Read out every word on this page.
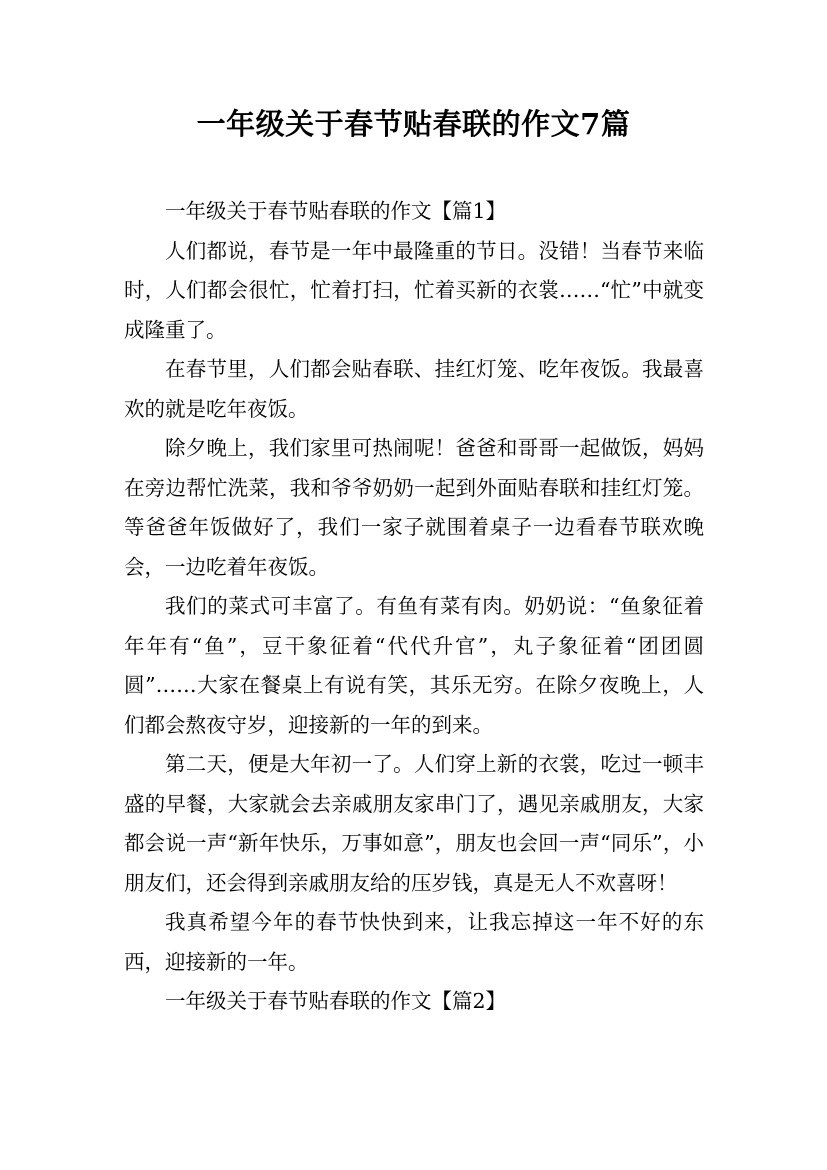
一年级关于春节贴春联的作文7篇

一年级关于春节贴春联的作文【篇1】

人们都说，春节是一年中最隆重的节日。没错！当春节来临时，人们都会很忙，忙着打扫，忙着买新的衣裳……“忙”中就变成隆重了。

在春节里，人们都会贴春联、挂红灯笼、吃年夜饭。我最喜欢的就是吃年夜饭。

除夕晚上，我们家里可热闹呢！爸爸和哥哥一起做饭，妈妈在旁边帮忙洗菜，我和爷爷奶奶一起到外面贴春联和挂红灯笼。等爸爸年饭做好了，我们一家子就围着桌子一边看春节联欢晚会，一边吃着年夜饭。

我们的菜式可丰富了。有鱼有菜有肉。奶奶说：“鱼象征着年年有“鱼”，豆干象征着“代代升官”，丸子象征着“团团圆圆”……大家在餐桌上有说有笑，其乐无穷。在除夕夜晚上，人们都会熬夜守岁，迎接新的一年的到来。

第二天，便是大年初一了。人们穿上新的衣裳，吃过一顿丰盛的早餐，大家就会去亲戚朋友家串门了，遇见亲戚朋友，大家都会说一声“新年快乐，万事如意”，朋友也会回一声“同乐”，小朋友们，还会得到亲戚朋友给的压岁钱，真是无人不欢喜呀！

我真希望今年的春节快快到来，让我忘掉这一年不好的东西，迎接新的一年。

一年级关于春节贴春联的作文【篇2】
